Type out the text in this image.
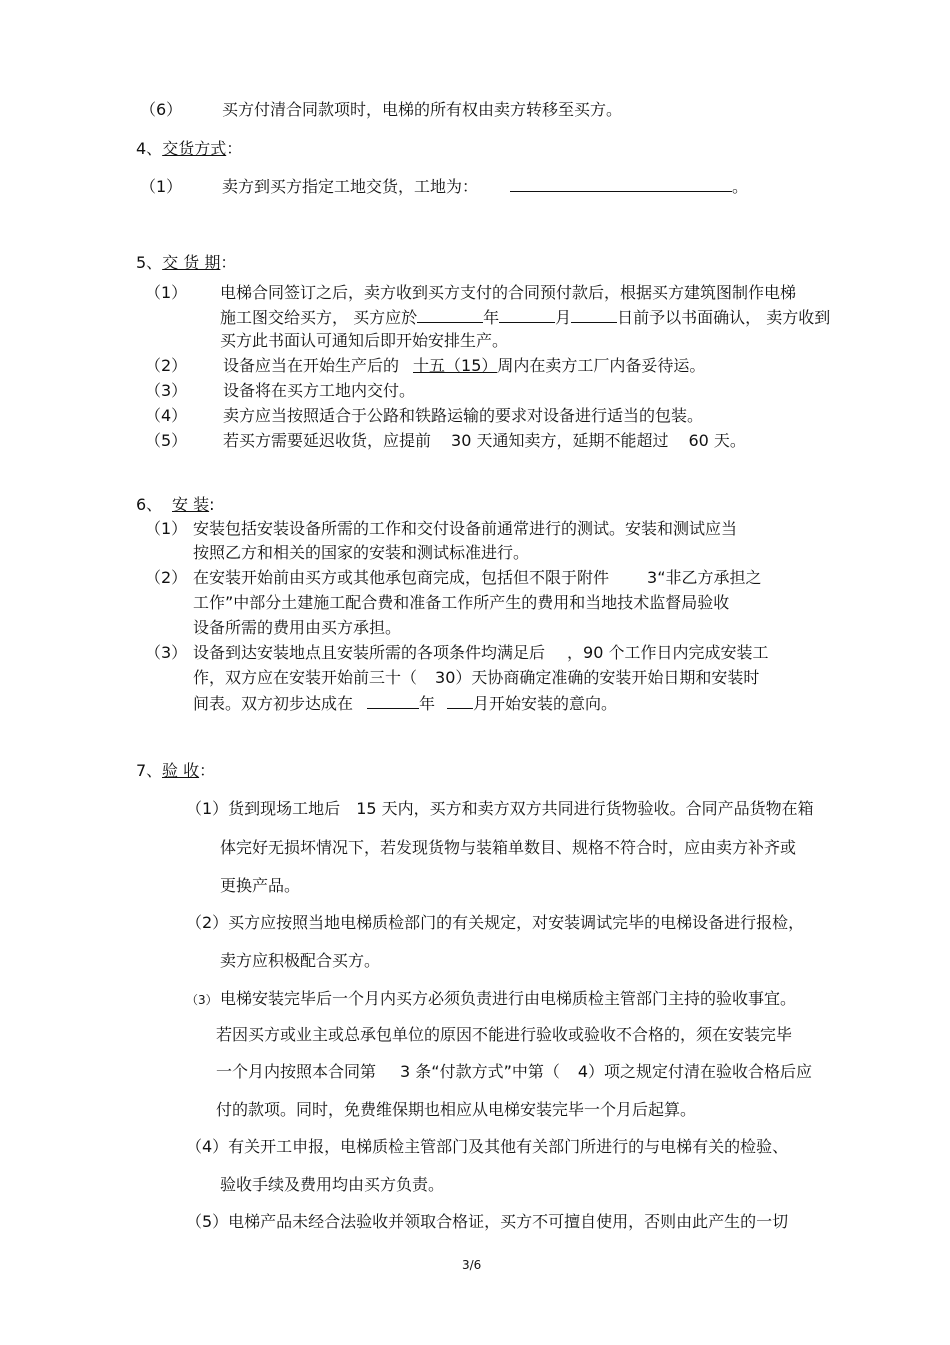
（6） 买方付清合同款项时，电梯的所有权由卖方转移至买方。
4、交货方式：
（1） 卖方到买方指定工地交货，工地为：	。
5、交 货 期：
（1） 电梯合同签订之后，卖方收到买方支付的合同预付款后，根据买方建筑图制作电梯
施工图交给买方， 买方应於	年	月	日前予以书面确认， 卖方收到
买方此书面认可通知后即开始安排生产。
（2） 设备应当在开始生产后的 十五（15）周内在卖方工厂内备妥待运。
（3） 设备将在买方工地内交付。
（4） 卖方应当按照适合于公路和铁路运输的要求对设备进行适当的包装。
（5） 若买方需要延迟收货，应提前 30 天通知卖方，延期不能超过 60 天。
6、 安 装:
（1） 安装包括安装设备所需的工作和交付设备前通常进行的测试。安装和测试应当
按照乙方和相关的国家的安装和测试标准进行。
（2） 在安装开始前由买方或其他承包商完成，包括但不限于附件 3“非乙方承担之
工作”中部分土建施工配合费和准备工作所产生的费用和当地技术监督局验收
设备所需的费用由买方承担。
（3） 设备到达安装地点且安装所需的各项条件均满足后 ，90 个工作日内完成安装工
作，双方应在安装开始前三十（ 30）天协商确定准确的安装开始日期和安装时
间表。双方初步达成在	年 月开始安装的意向。
7、验 收：
（1）货到现场工地后 15 天内，买方和卖方双方共同进行货物验收。合同产品货物在箱
体完好无损坏情况下，若发现货物与装箱单数目、规格不符合时，应由卖方补齐或
更换产品。
（2）买方应按照当地电梯质检部门的有关规定，对安装调试完毕的电梯设备进行报检，
卖方应积极配合买方。
（3） 电梯安装完毕后一个月内买方必须负责进行由电梯质检主管部门主持的验收事宜。
若因买方或业主或总承包单位的原因不能进行验收或验收不合格的，须在安装完毕
一个月内按照本合同第 3 条“付款方式”中第（ 4）项之规定付清在验收合格后应
付的款项。同时，免费维保期也相应从电梯安装完毕一个月后起算。
（4）有关开工申报，电梯质检主管部门及其他有关部门所进行的与电梯有关的检验、
验收手续及费用均由买方负责。
（5）电梯产品未经合法验收并领取合格证，买方不可擅自使用，否则由此产生的一切
3/6
